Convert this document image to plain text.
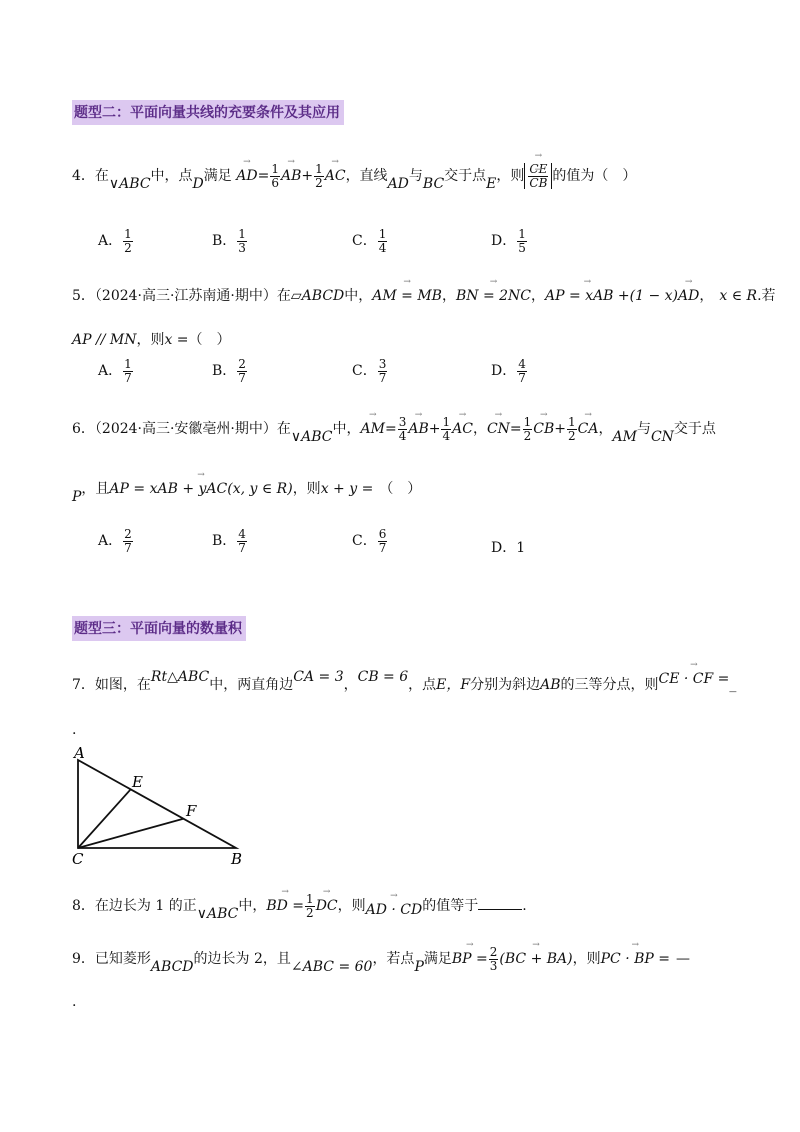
题型二：平面向量共线的充要条件及其应用
4．在∨ABC中，点D满足 → $AD= \frac{1}{6}$
→ $AB+ \frac{1}{2}$
→ AC，直线AD与BC交于点E，则
→ CE
→ CB 的值为（　）
A． $\frac{1}{2}$	B． $\frac{1}{3}$	C． $\frac{1}{4}$	D． $\frac{1}{5}$
5．（2024·高三·江苏南通·期中）在▱ABCD中，→ AM = MB，→ BN = 2NC，→ AP = xAB +(1 − x)→ AD， x ∈ R.若
AP // MN，则x =（　）
A． $\frac{1}{7}$	B． $\frac{2}{7}$	C． $\frac{3}{7}$	D． $\frac{4}{7}$
6．（2024·高三·安徽亳州·期中）在∨ABC中，→ $AM= \frac{3}{4}$
→ $AB+ \frac{1}{4}$
→ AC，→ $CN= \frac{1}{2}$
→ $CB+ \frac{1}{2}$
→ CA，AM与CN交于点
P，且→ AP = xAB + yAC(x, y ∈ R)，则x + y = （　）
A． $\frac{2}{7}$	B． $\frac{4}{7}$	C． $\frac{6}{7}$	D．1
题型三：平面向量的数量积
7．如图，在Rt△ABC中，两直角边CA = 3，CB = 6，点E，F分别为斜边AB的三等分点，则→ CE · CF =_
.
A
E
F
C	B
8．在边长为 1 的正∨ABC中，→ BD = $\frac{1}{2}$
→ DC，则→ AD · CD的值等于	.
9．已知菱形ABCD的边长为 2，且∠ABC = 60，若点P满足→ BP = $\frac{2}{3}$
→ (BC + BA)，则→ PC · BP = —
.
